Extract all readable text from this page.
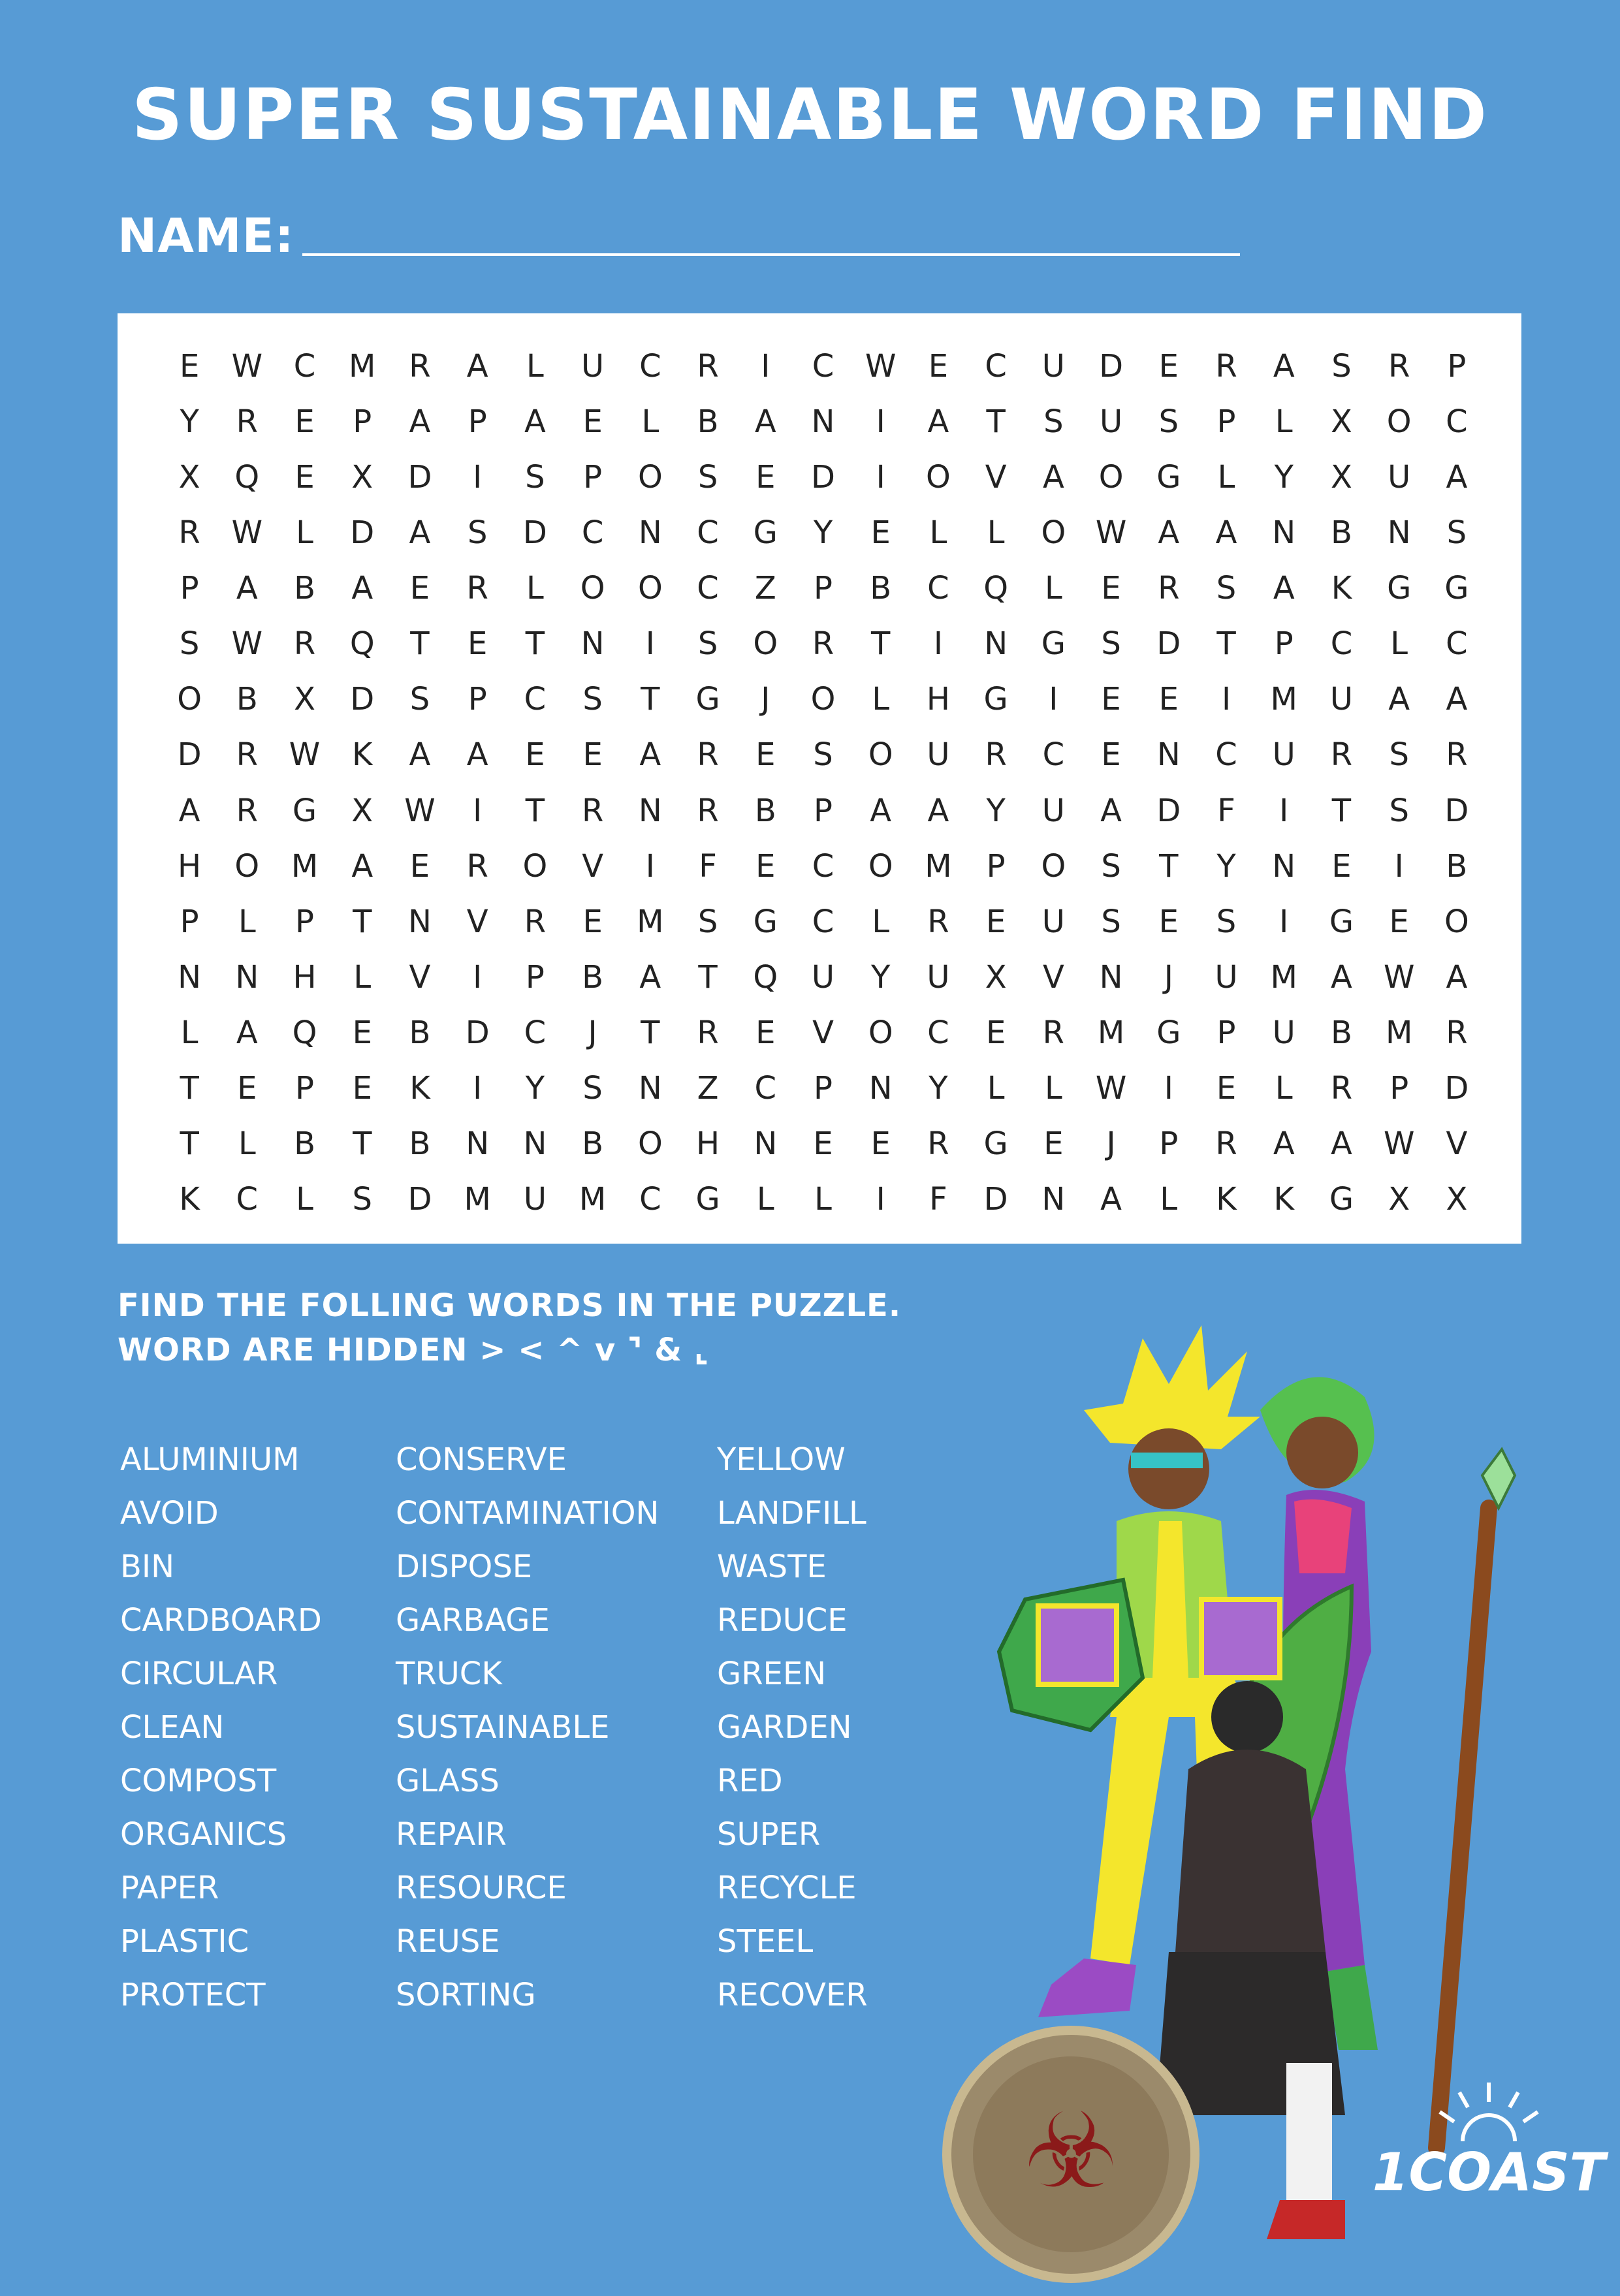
SUPER SUSTAINABLE WORD FIND
NAME:
E	W C	M	R	A	L	U	C	R	I	C W	E	C	U	D	E	R	A	S	R	P
Y	R	E	P	A	P	A	E	L	B	A	N	I	A	T	S	U	S	P	L	X	O	C
X	Q	E	X	D	I	S	P	O	S	E	D	I	O	V	A	O	G	L	Y	X	U	A
R W	L	D	A	S	D	C	N	C	G	Y	E	L	L	O W	A	A	N	B	N	S
P	A	B	A	E	R	L	O	O	C	Z	P	B	C	Q	L	E	R	S	A	K	G	G
S	W R	Q	T	E	T	N	I	S	O	R	T	I	N	G	S	D	T	P	C	L	C
O	B	X	D	S	P	C	S	T	G	J	O	L	H	G	I	E	E	I	M	U	A	A
D	R W	K	A	A	E	E	A	R	E	S	O	U	R	C	E	N	C	U	R	S	R
A	R	G	X	W	I	T	R	N	R	B	P	A	A	Y	U	A	D	F	I	T	S	D
H	O	M	A	E	R	O	V	I	F	E	C	O	M	P	O	S	T	Y	N	E	I	B
P	L	P	T	N	V	R	E	M	S	G	C	L	R	E	U	S	E	S	I	G	E	O
N	N	H	L	V	I	P	B	A	T	Q	U	Y	U	X	V	N	J	U	M	A	W	A
L	A	Q	E	B	D	C	J	T	R	E	V	O	C	E	R	M	G	P	U	B	M	R
T	E	P	E	K	I	Y	S	N	Z	C	P	N	Y	L	L	W	I	E	L	R	P	D
T	L	B	T	B	N	N	B	O	H	N	E	E	R	G	E	J	P	R	A	A	W	V
K	C	L	S	D	M	U	M	C	G	L	L	I	F	D	N	A	L	K	K	G	X	X
FIND THE FOLLING WORDS IN THE PUZZLE.
WORD ARE HIDDEN > < ^ v ⌝ & ⌞
ALUMINIUM
AVOID
BIN
CARDBOARD
CIRCULAR
CLEAN
COMPOST
ORGANICS
PAPER
PLASTIC
PROTECT
CONSERVE
CONTAMINATION
DISPOSE
GARBAGE
TRUCK
SUSTAINABLE
GLASS
REPAIR
RESOURCE
REUSE
SORTING
YELLOW
LANDFILL
WASTE
REDUCE
GREEN
GARDEN
RED
SUPER
RECYCLE
STEEL
RECOVER
☣	1COAST
